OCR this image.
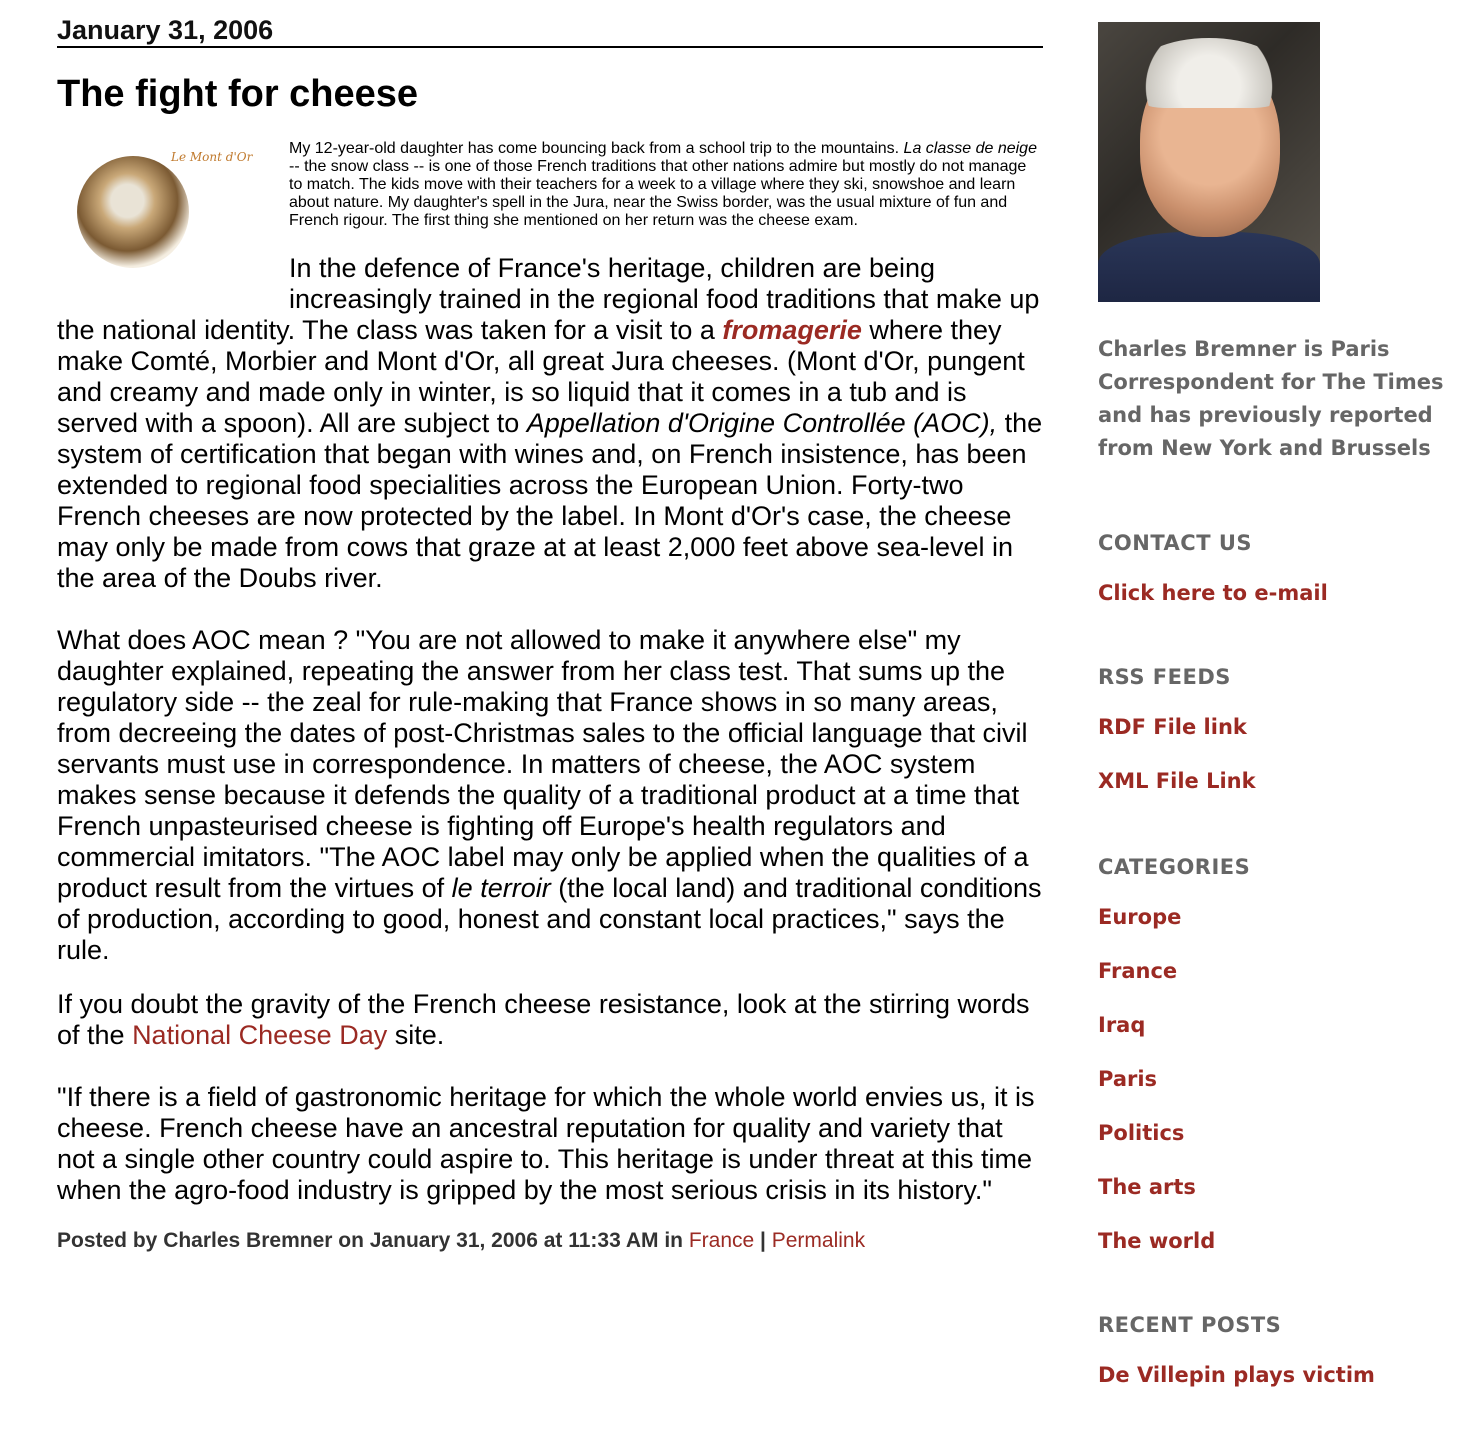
January 31, 2006
The fight for cheese

Le Mont d'Or My 12-year-old daughter has come bouncing back from a school trip to the mountains. La classe de neige -- the snow class -- is one of those French traditions that other nations admire but mostly do not manage to match. The kids move with their teachers for a week to a village where they ski, snowshoe and learn about nature. My daughter's spell in the Jura, near the Swiss border, was the usual mixture of fun and French rigour. The first thing she mentioned on her return was the cheese exam.

In the defence of France's heritage, children are being increasingly trained in the regional food traditions that make up the national identity. The class was taken for a visit to a fromagerie where they make Comté, Morbier and Mont d'Or, all great Jura cheeses. (Mont d'Or, pungent and creamy and made only in winter, is so liquid that it comes in a tub and is served with a spoon). All are subject to Appellation d'Origine Controllée (AOC), the system of certification that began with wines and, on French insistence, has been extended to regional food specialities across the European Union. Forty-two French cheeses are now protected by the label. In Mont d'Or's case, the cheese may only be made from cows that graze at at least 2,000 feet above sea-level in the area of the Doubs river.

What does AOC mean ? "You are not allowed to make it anywhere else" my daughter explained, repeating the answer from her class test. That sums up the regulatory side -- the zeal for rule-making that France shows in so many areas, from decreeing the dates of post-Christmas sales to the official language that civil servants must use in correspondence. In matters of cheese, the AOC system makes sense because it defends the quality of a traditional product at a time that French unpasteurised cheese is fighting off Europe's health regulators and commercial imitators. "The AOC label may only be applied when the qualities of a product result from the virtues of le terroir (the local land) and traditional conditions of production, according to good, honest and constant local practices," says the rule.

If you doubt the gravity of the French cheese resistance, look at the stirring words of the National Cheese Day site.

"If there is a field of gastronomic heritage for which the whole world envies us, it is cheese. French cheese have an ancestral reputation for quality and variety that not a single other country could aspire to. This heritage is under threat at this time when the agro-food industry is gripped by the most serious crisis in its history."

Posted by Charles Bremner on January 31, 2006 at 11:33 AM in France | Permalink
Charles Bremner is Paris Correspondent for The Times and has previously reported from New York and Brussels
CONTACT US
Click here to e-mail
RSS FEEDS
RDF File link
XML File Link
CATEGORIES
Europe
France
Iraq
Paris
Politics
The arts
The world
RECENT POSTS
De Villepin plays victim
